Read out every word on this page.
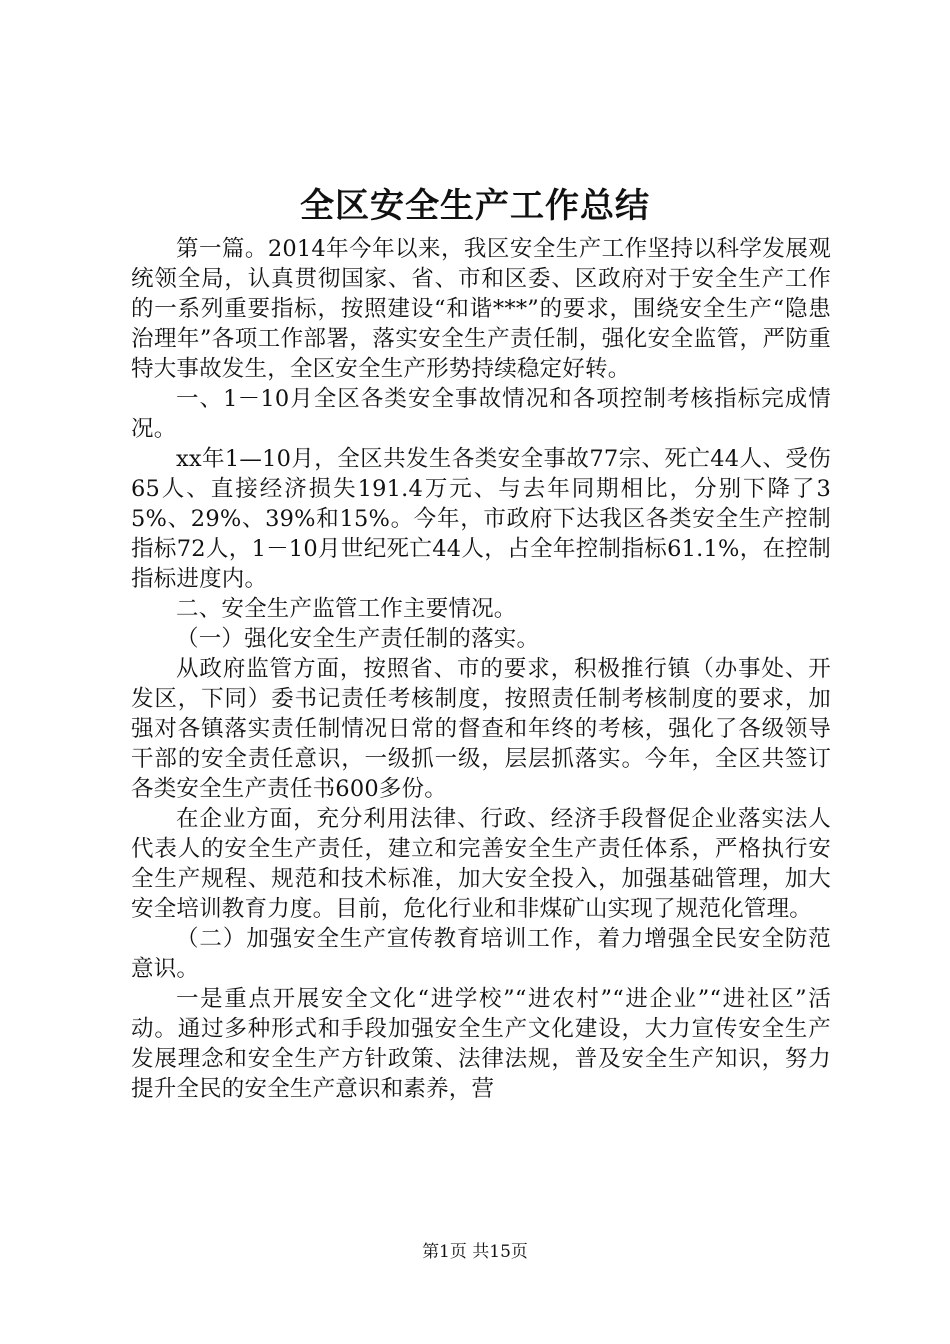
全区安全生产工作总结

第一篇。2014年今年以来，我区安全生产工作坚持以科学发展观统领全局，认真贯彻国家、省、市和区委、区政府对于安全生产工作的一系列重要指标，按照建设“和谐***”的要求，围绕安全生产“隐患治理年”各项工作部署，落实安全生产责任制，强化安全监管，严防重特大事故发生，全区安全生产形势持续稳定好转。

一、1－10月全区各类安全事故情况和各项控制考核指标完成情况。

xx年1—10月，全区共发生各类安全事故77宗、死亡44人、受伤65人、直接经济损失191.4万元、与去年同期相比，分别下降了35%、29%、39%和15%。今年，市政府下达我区各类安全生产控制指标72人，1－10月世纪死亡44人，占全年控制指标61.1%，在控制指标进度内。

二、安全生产监管工作主要情况。

（一）强化安全生产责任制的落实。

从政府监管方面，按照省、市的要求，积极推行镇（办事处、开发区，下同）委书记责任考核制度，按照责任制考核制度的要求，加强对各镇落实责任制情况日常的督查和年终的考核，强化了各级领导干部的安全责任意识，一级抓一级，层层抓落实。今年，全区共签订各类安全生产责任书600多份。

在企业方面，充分利用法律、行政、经济手段督促企业落实法人代表人的安全生产责任，建立和完善安全生产责任体系，严格执行安全生产规程、规范和技术标准，加大安全投入，加强基础管理，加大安全培训教育力度。目前，危化行业和非煤矿山实现了规范化管理。

（二）加强安全生产宣传教育培训工作，着力增强全民安全防范意识。

一是重点开展安全文化“进学校”“进农村”“进企业”“进社区”活动。通过多种形式和手段加强安全生产文化建设，大力宣传安全生产发展理念和安全生产方针政策、法律法规，普及安全生产知识，努力提升全民的安全生产意识和素养，营

第1页 共15页
